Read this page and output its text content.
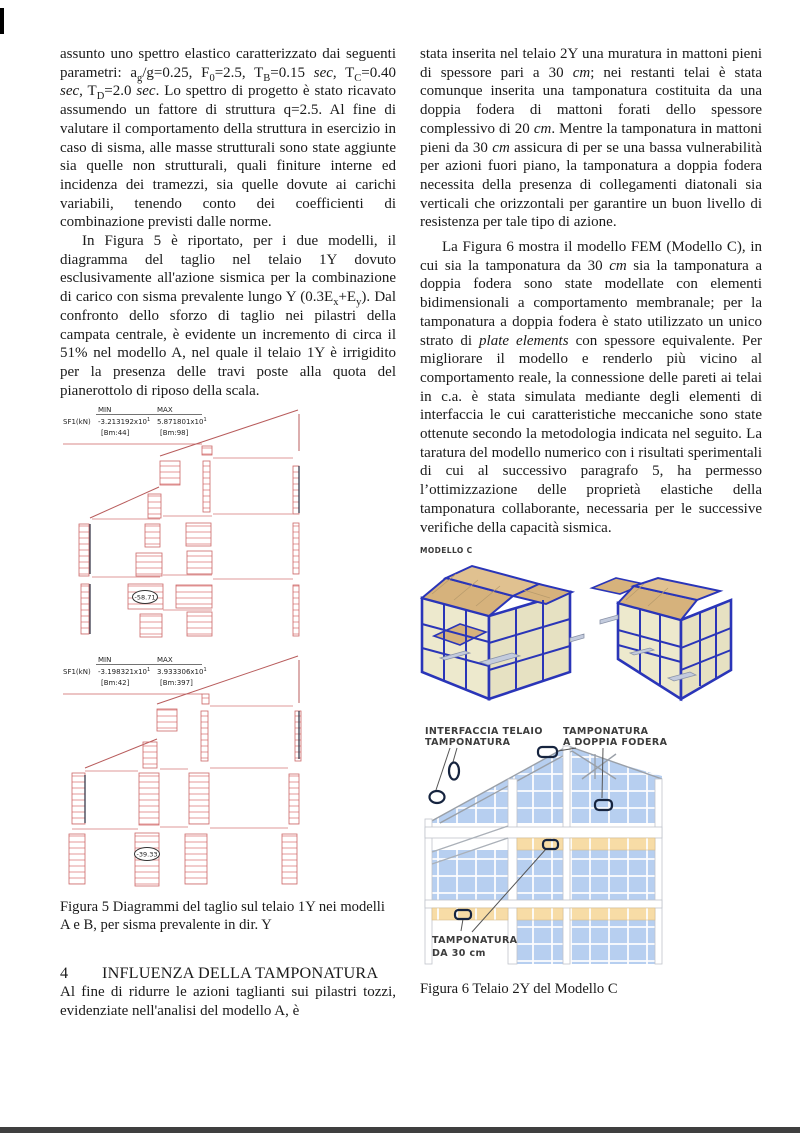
assunto uno spettro elastico caratterizzato dai seguenti parametri: $a_g/g=0.25$, $F_0=2.5$, $T_B=0.15$ sec, $T_C=0.40$ sec, $T_D=2.0$ sec. Lo spettro di progetto è stato ricavato assumendo un fattore di struttura q=2.5. Al fine di valutare il comportamento della struttura in esercizio in caso di sisma, alle masse strutturali sono state aggiunte sia quelle non strutturali, quali finiture interne ed incidenza dei tramezzi, sia quelle dovute ai carichi variabili, tenendo conto dei coefficienti di combinazione previsti dalle norme.

In Figura 5 è riportato, per i due modelli, il diagramma del taglio nel telaio 1Y dovuto esclusivamente all'azione sismica per la combinazione di carico con sisma prevalente lungo Y $(0.3E_x+E_y)$. Dal confronto dello sforzo di taglio nei pilastri della campata centrale, è evidente un incremento di circa il 51% nel modello A, nel quale il telaio 1Y è irrigidito per la presenza delle travi poste alla quota del pianerottolo di riposo della scala.

MIN	MAX
SF1(kN) $-3.213192x10^1$ $5.871801x10^1$
[Bm:44]	[Bm:98]
-58.71
MIN	MAX
SF1(kN) $-3.198321x10^1$ $3.933306x10^1$
[Bm:42]	[Bm:397]
-39.33
Figura 5 Diagrammi del taglio sul telaio 1Y nei modelli A e B, per sisma prevalente in dir. Y
4 INFLUENZA DELLA TAMPONATURA

Al fine di ridurre le azioni taglianti sui pilastri tozzi, evidenziate nell'analisi del modello A, è

stata inserita nel telaio 2Y una muratura in mattoni pieni di spessore pari a 30 cm; nei restanti telai è stata comunque inserita una tamponatura costituita da una doppia fodera di mattoni forati dello spessore complessivo di 20 cm. Mentre la tamponatura in mattoni pieni da 30 cm assicura di per se una bassa vulnerabilità per azioni fuori piano, la tamponatura a doppia fodera necessita della presenza di collegamenti diatonali sia verticali che orizzontali per garantire un buon livello di resistenza per tale tipo di azione.

La Figura 6 mostra il modello FEM (Modello C), in cui sia la tamponatura da 30 cm sia la tamponatura a doppia fodera sono state modellate con elementi bidimensionali a comportamento membranale; per la tamponatura a doppia fodera è stato utilizzato un unico strato di plate elements con spessore equivalente. Per migliorare il modello e renderlo più vicino al comportamento reale, la connessione delle pareti ai telai in c.a. è stata simulata mediante degli elementi di interfaccia le cui caratteristiche meccaniche sono state ottenute secondo la metodologia indicata nel seguito. La taratura del modello numerico con i risultati sperimentali di cui al successivo paragrafo 5, ha permesso l’ottimizzazione delle proprietà elastiche della tamponatura collaborante, necessaria per le successive verifiche della capacità sismica.

MODELLO C
INTERFACCIA TELAIO
TAMPONATURA
TAMPONATURA
A DOPPIA FODERA
TAMPONATURA
DA 30 cm
Figura 6 Telaio 2Y del Modello C
